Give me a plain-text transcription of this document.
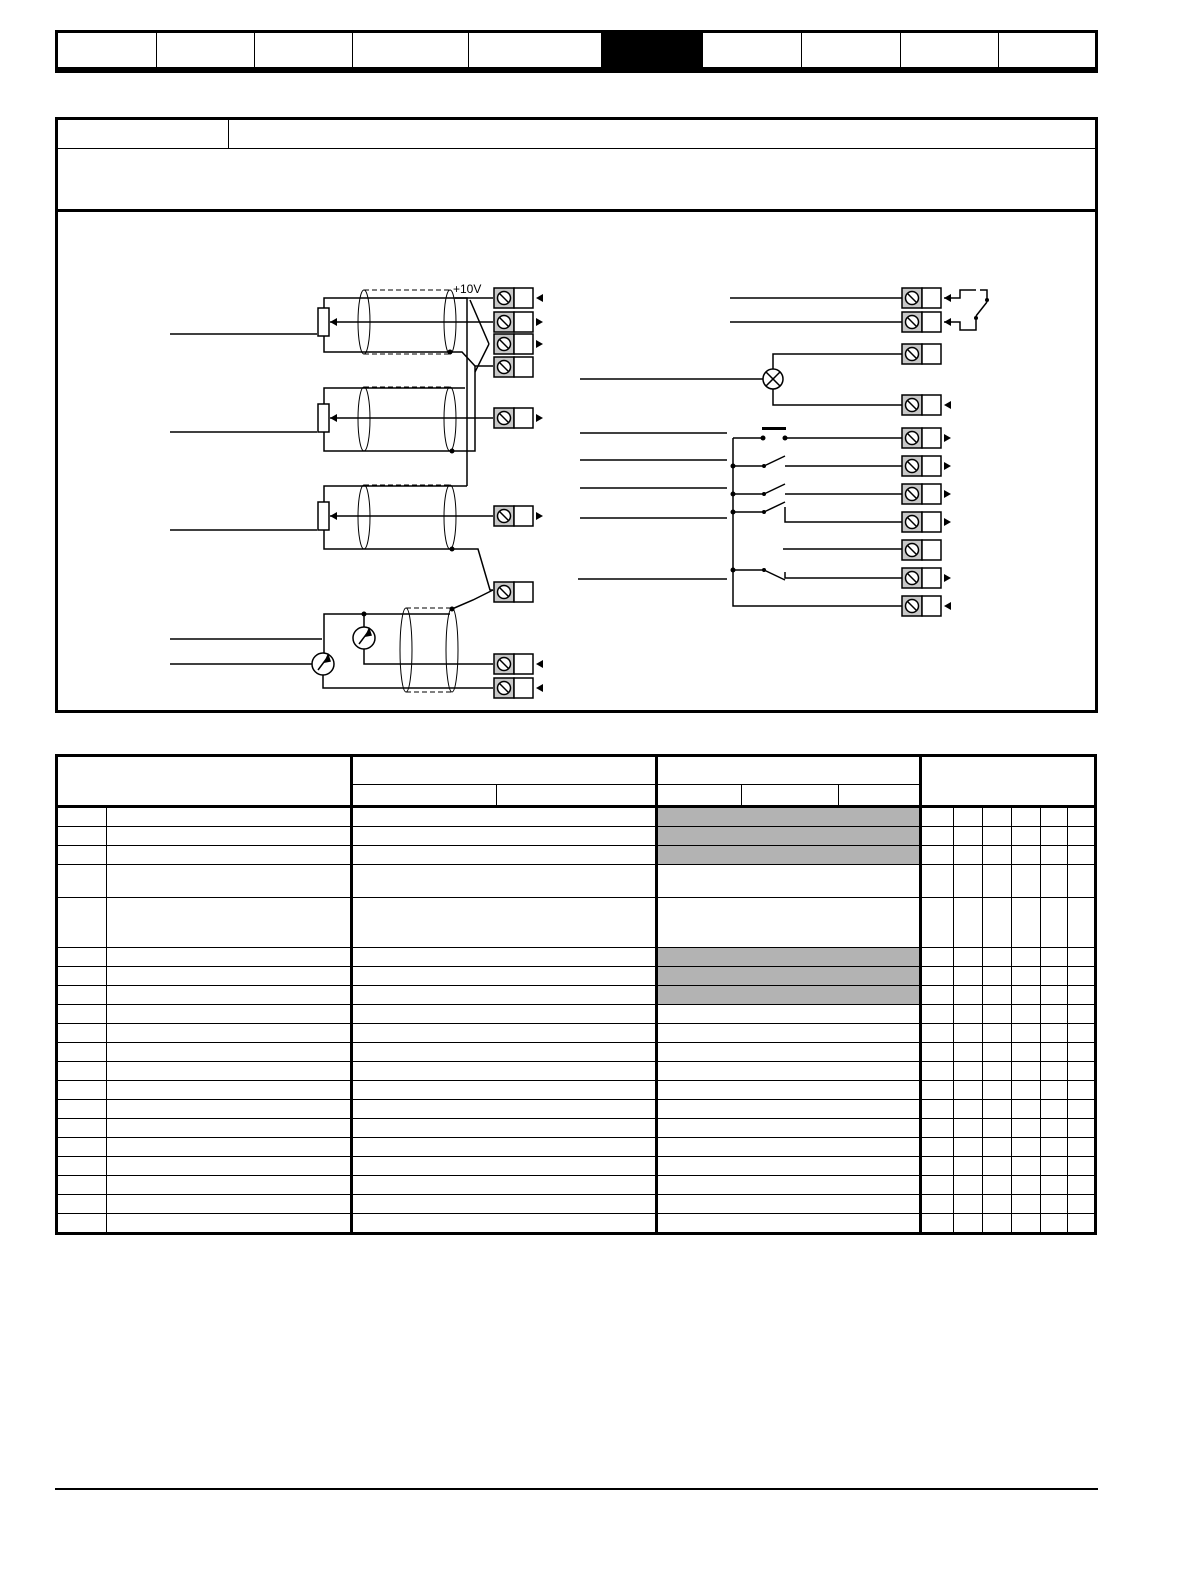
+10V
